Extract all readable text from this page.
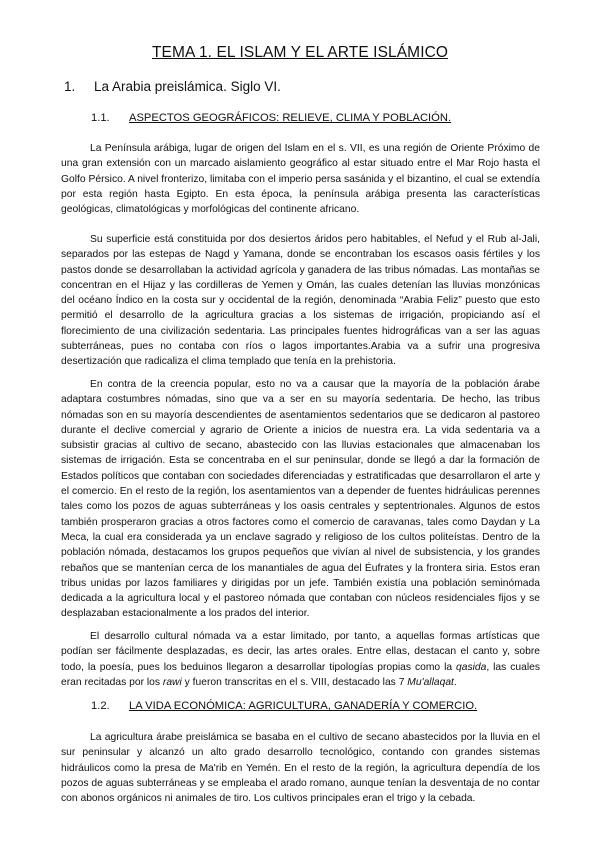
TEMA 1. EL ISLAM Y EL ARTE ISLÁMICO
1. La Arabia preislámica. Siglo VI.
1.1. ASPECTOS GEOGRÁFICOS: RELIEVE, CLIMA Y POBLACIÓN.

La Península arábiga, lugar de origen del Islam en el s. VII, es una región de Oriente Próximo de una gran extensión con un marcado aislamiento geográfico al estar situado entre el Mar Rojo hasta el Golfo Pérsico. A nivel fronterizo, limitaba con el imperio persa sasánida y el bizantino, el cual se extendía por esta región hasta Egipto. En esta época, la península arábiga presenta las características geológicas, climatológicas y morfológicas del continente africano.

Su superficie está constituida por dos desiertos áridos pero habitables, el Nefud y el Rub al-Jali, separados por las estepas de Nagd y Yamana, donde se encontraban los escasos oasis fértiles y los pastos donde se desarrollaban la actividad agrícola y ganadera de las tribus nómadas. Las montañas se concentran en el Hijaz y las cordilleras de Yemen y Omán, las cuales detenían las lluvias monzónicas del océano Índico en la costa sur y occidental de la región, denominada “Arabia Feliz” puesto que esto permitió el desarrollo de la agricultura gracias a los sistemas de irrigación, propiciando así el florecimiento de una civilización sedentaria. Las principales fuentes hidrográficas van a ser las aguas subterráneas, pues no contaba con ríos o lagos importantes.Arabia va a sufrir una progresiva desertización que radicaliza el clima templado que tenía en la prehistoria.

En contra de la creencia popular, esto no va a causar que la mayoría de la población árabe adaptara costumbres nómadas, sino que va a ser en su mayoría sedentaria. De hecho, las tribus nómadas son en su mayoría descendientes de asentamientos sedentarios que se dedicaron al pastoreo durante el declive comercial y agrario de Oriente a inicios de nuestra era. La vida sedentaria va a subsistir gracias al cultivo de secano, abastecido con las lluvias estacionales que almacenaban los sistemas de irrigación. Esta se concentraba en el sur peninsular, donde se llegó a dar la formación de Estados políticos que contaban con sociedades diferenciadas y estratificadas que desarrollaron el arte y el comercio. En el resto de la región, los asentamientos van a depender de fuentes hidráulicas perennes tales como los pozos de aguas subterráneas y los oasis centrales y septentrionales. Algunos de estos también prosperaron gracias a otros factores como el comercio de caravanas, tales como Daydan y La Meca, la cual era considerada ya un enclave sagrado y religioso de los cultos politeístas. Dentro de la población nómada, destacamos los grupos pequeños que vivían al nivel de subsistencia, y los grandes rebaños que se mantenían cerca de los manantiales de agua del Éufrates y la frontera siria. Estos eran tribus unidas por lazos familiares y dirigidas por un jefe. También existía una población seminómada dedicada a la agricultura local y el pastoreo nómada que contaban con núcleos residenciales fijos y se desplazaban estacionalmente a los prados del interior.

El desarrollo cultural nómada va a estar limitado, por tanto, a aquellas formas artísticas que podían ser fácilmente desplazadas, es decir, las artes orales. Entre ellas, destacan el canto y, sobre todo, la poesía, pues los beduinos llegaron a desarrollar tipologías propias como la qasida, las cuales eran recitadas por los rawi y fueron transcritas en el s. VIII, destacado las 7 Mu'allaqat.

1.2. LA VIDA ECONÓMICA: AGRICULTURA, GANADERÍA Y COMERCIO.

La agricultura árabe preislámica se basaba en el cultivo de secano abastecidos por la lluvia en el sur peninsular y alcanzó un alto grado desarrollo tecnológico, contando con grandes sistemas hidráulicos como la presa de Ma'rib en Yemén. En el resto de la región, la agricultura dependía de los pozos de aguas subterráneas y se empleaba el arado romano, aunque tenían la desventaja de no contar con abonos orgánicos ni animales de tiro. Los cultivos principales eran el trigo y la cebada.
